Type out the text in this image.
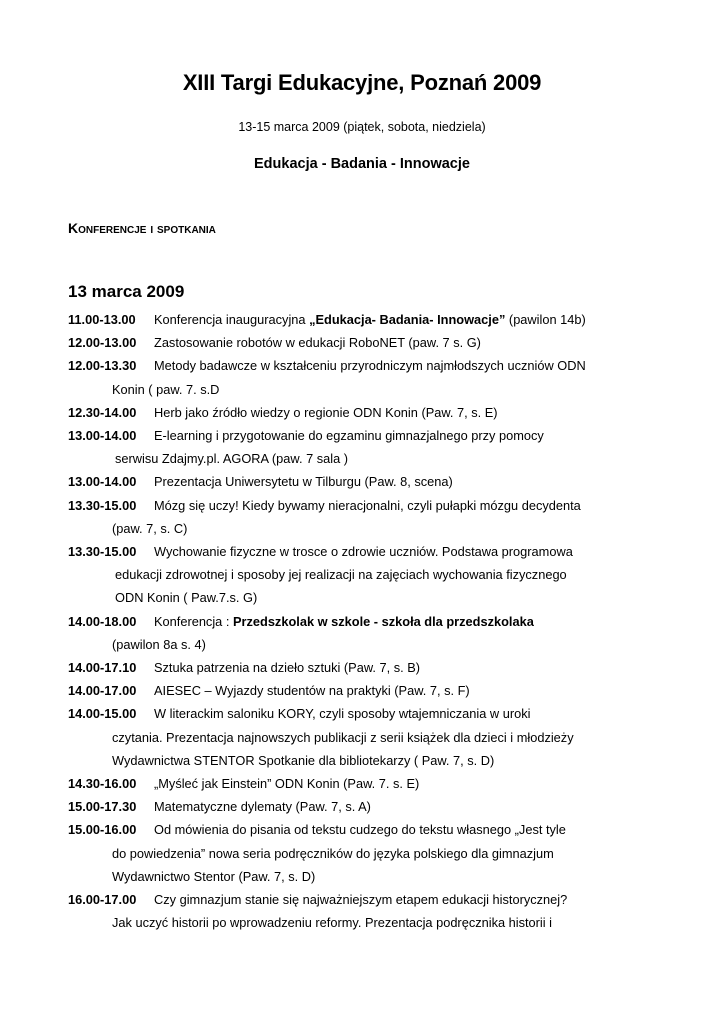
XIII Targi Edukacyjne, Poznań 2009
13-15 marca 2009 (piątek, sobota, niedziela)
Edukacja - Badania - Innowacje
Konferencje i spotkania
13 marca 2009
11.00-13.00 Konferencja inauguracyjna „Edukacja- Badania- Innowacje” (pawilon 14b)
12.00-13.00 Zastosowanie robotów w edukacji RoboNET (paw. 7 s. G)
12.00-13.30 Metody badawcze w kształceniu przyrodniczym najmłodszych uczniów ODN
Konin ( paw. 7. s.D
12.30-14.00 Herb jako źródło wiedzy o regionie ODN Konin (Paw. 7, s. E)
13.00-14.00 E-learning i przygotowanie do egzaminu gimnazjalnego przy pomocy
serwisu Zdajmy.pl. AGORA (paw. 7 sala )
13.00-14.00 Prezentacja Uniwersytetu w Tilburgu (Paw. 8, scena)
13.30-15.00 Mózg się uczy! Kiedy bywamy nieracjonalni, czyli pułapki mózgu decydenta
(paw. 7, s. C)
13.30-15.00 Wychowanie fizyczne w trosce o zdrowie uczniów. Podstawa programowa
edukacji zdrowotnej i sposoby jej realizacji na zajęciach wychowania fizycznego
ODN Konin ( Paw.7.s. G)
14.00-18.00 Konferencja : Przedszkolak w szkole - szkoła dla przedszkolaka
(pawilon 8a s. 4)
14.00-17.10 Sztuka patrzenia na dzieło sztuki (Paw. 7, s. B)
14.00-17.00 AIESEC – Wyjazdy studentów na praktyki (Paw. 7, s. F)
14.00-15.00 W literackim saloniku KORY, czyli sposoby wtajemniczania w uroki
czytania. Prezentacja najnowszych publikacji z serii książek dla dzieci i młodzieży
Wydawnictwa STENTOR Spotkanie dla bibliotekarzy ( Paw. 7, s. D)
14.30-16.00 „Myśleć jak Einstein” ODN Konin (Paw. 7. s. E)
15.00-17.30 Matematyczne dylematy (Paw. 7, s. A)
15.00-16.00 Od mówienia do pisania od tekstu cudzego do tekstu własnego „Jest tyle
do powiedzenia” nowa seria podręczników do języka polskiego dla gimnazjum
Wydawnictwo Stentor (Paw. 7, s. D)
16.00-17.00 Czy gimnazjum stanie się najważniejszym etapem edukacji historycznej?
Jak uczyć historii po wprowadzeniu reformy. Prezentacja podręcznika historii i
